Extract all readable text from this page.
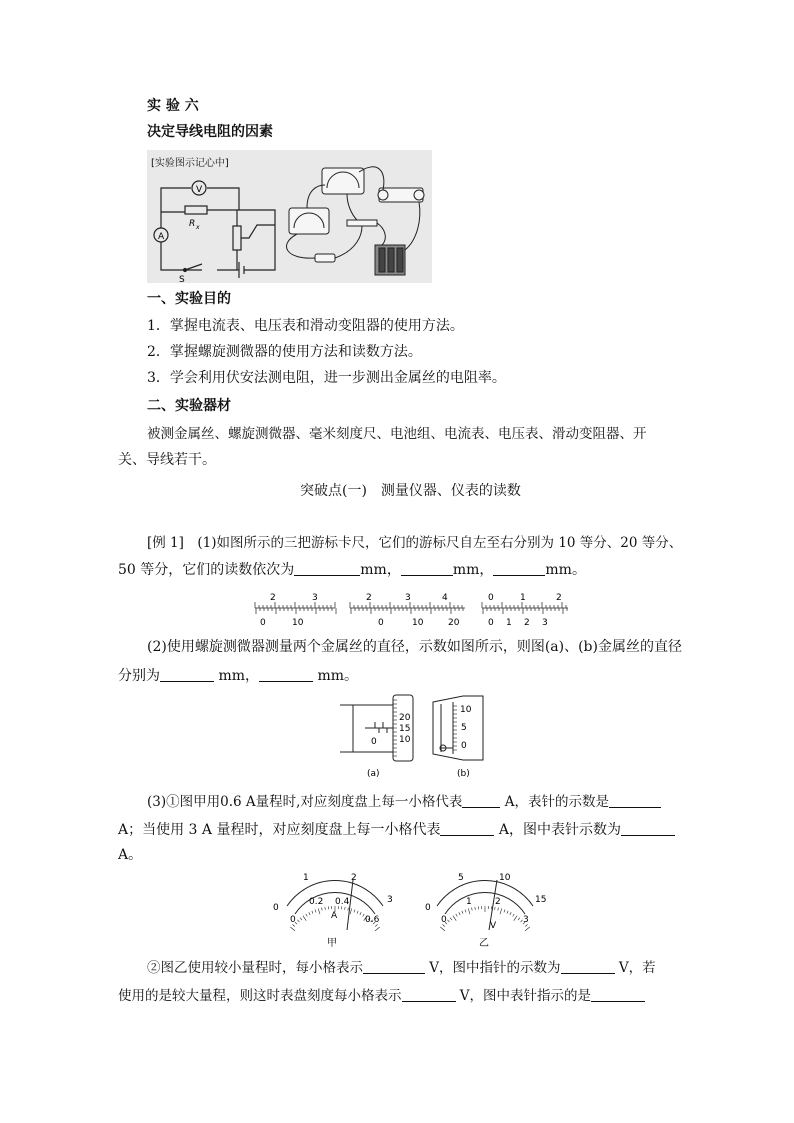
实 验 六
决定导线电阻的因素
[实验图示记心中]
V
A
R x
S
一、实验目的
1．掌握电流表、电压表和滑动变阻器的使用方法。
2．掌握螺旋测微器的使用方法和读数方法。
3．学会利用伏安法测电阻，进一步测出金属丝的电阻率。
二、实验器材
被测金属丝、螺旋测微器、毫米刻度尺、电池组、电流表、电压表、滑动变阻器、开
关、导线若干。
突破点(一)　测量仪器、仪表的读数
[例 1]　(1)如图所示的三把游标卡尺，它们的游标尺自左至右分别为 10 等分、20 等分、
50 等分，它们的读数依次为	mm，	mm，	mm。
2	3
0	10
2	3	4
0	10	20
0	1	2
0 1 2 3
(2)使用螺旋测微器测量两个金属丝的直径，示数如图所示，则图(a)、(b)金属丝的直径
分别为	mm，	mm。
20
15
10
0
10
5
0
(a)	(b)
(3)①图甲用0.6 A量程时,对应刻度盘上每一小格代表	A，表针的示数是
A；当使用 3 A 量程时，对应刻度盘上每一小格代表	A，图中表针示数为
A。
0
1	2
3
0
0.2 0.4
0.6
A
甲
0
5	10
15
0
1	2
3
V
乙
②图乙使用较小量程时，每小格表示	V，图中指针的示数为	V，若
使用的是较大量程，则这时表盘刻度每小格表示	V，图中表针指示的是
